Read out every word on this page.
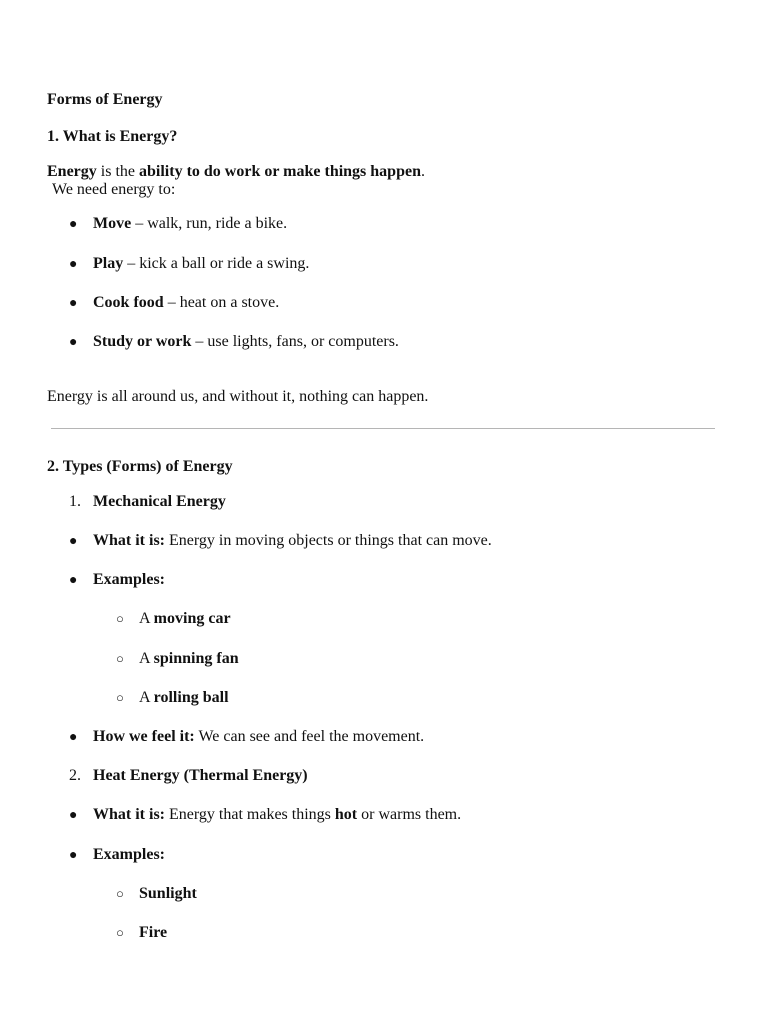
Forms of Energy
1. What is Energy?
Energy is the ability to do work or make things happen.
We need energy to:
● Move – walk, run, ride a bike.
● Play – kick a ball or ride a swing.
● Cook food – heat on a stove.
● Study or work – use lights, fans, or computers.
Energy is all around us, and without it, nothing can happen.
2. Types (Forms) of Energy
1. Mechanical Energy
● What it is: Energy in moving objects or things that can move.
● Examples:
○ A moving car
○ A spinning fan
○ A rolling ball
● How we feel it: We can see and feel the movement.
2. Heat Energy (Thermal Energy)
● What it is: Energy that makes things hot or warms them.
● Examples:
○ Sunlight
○ Fire
